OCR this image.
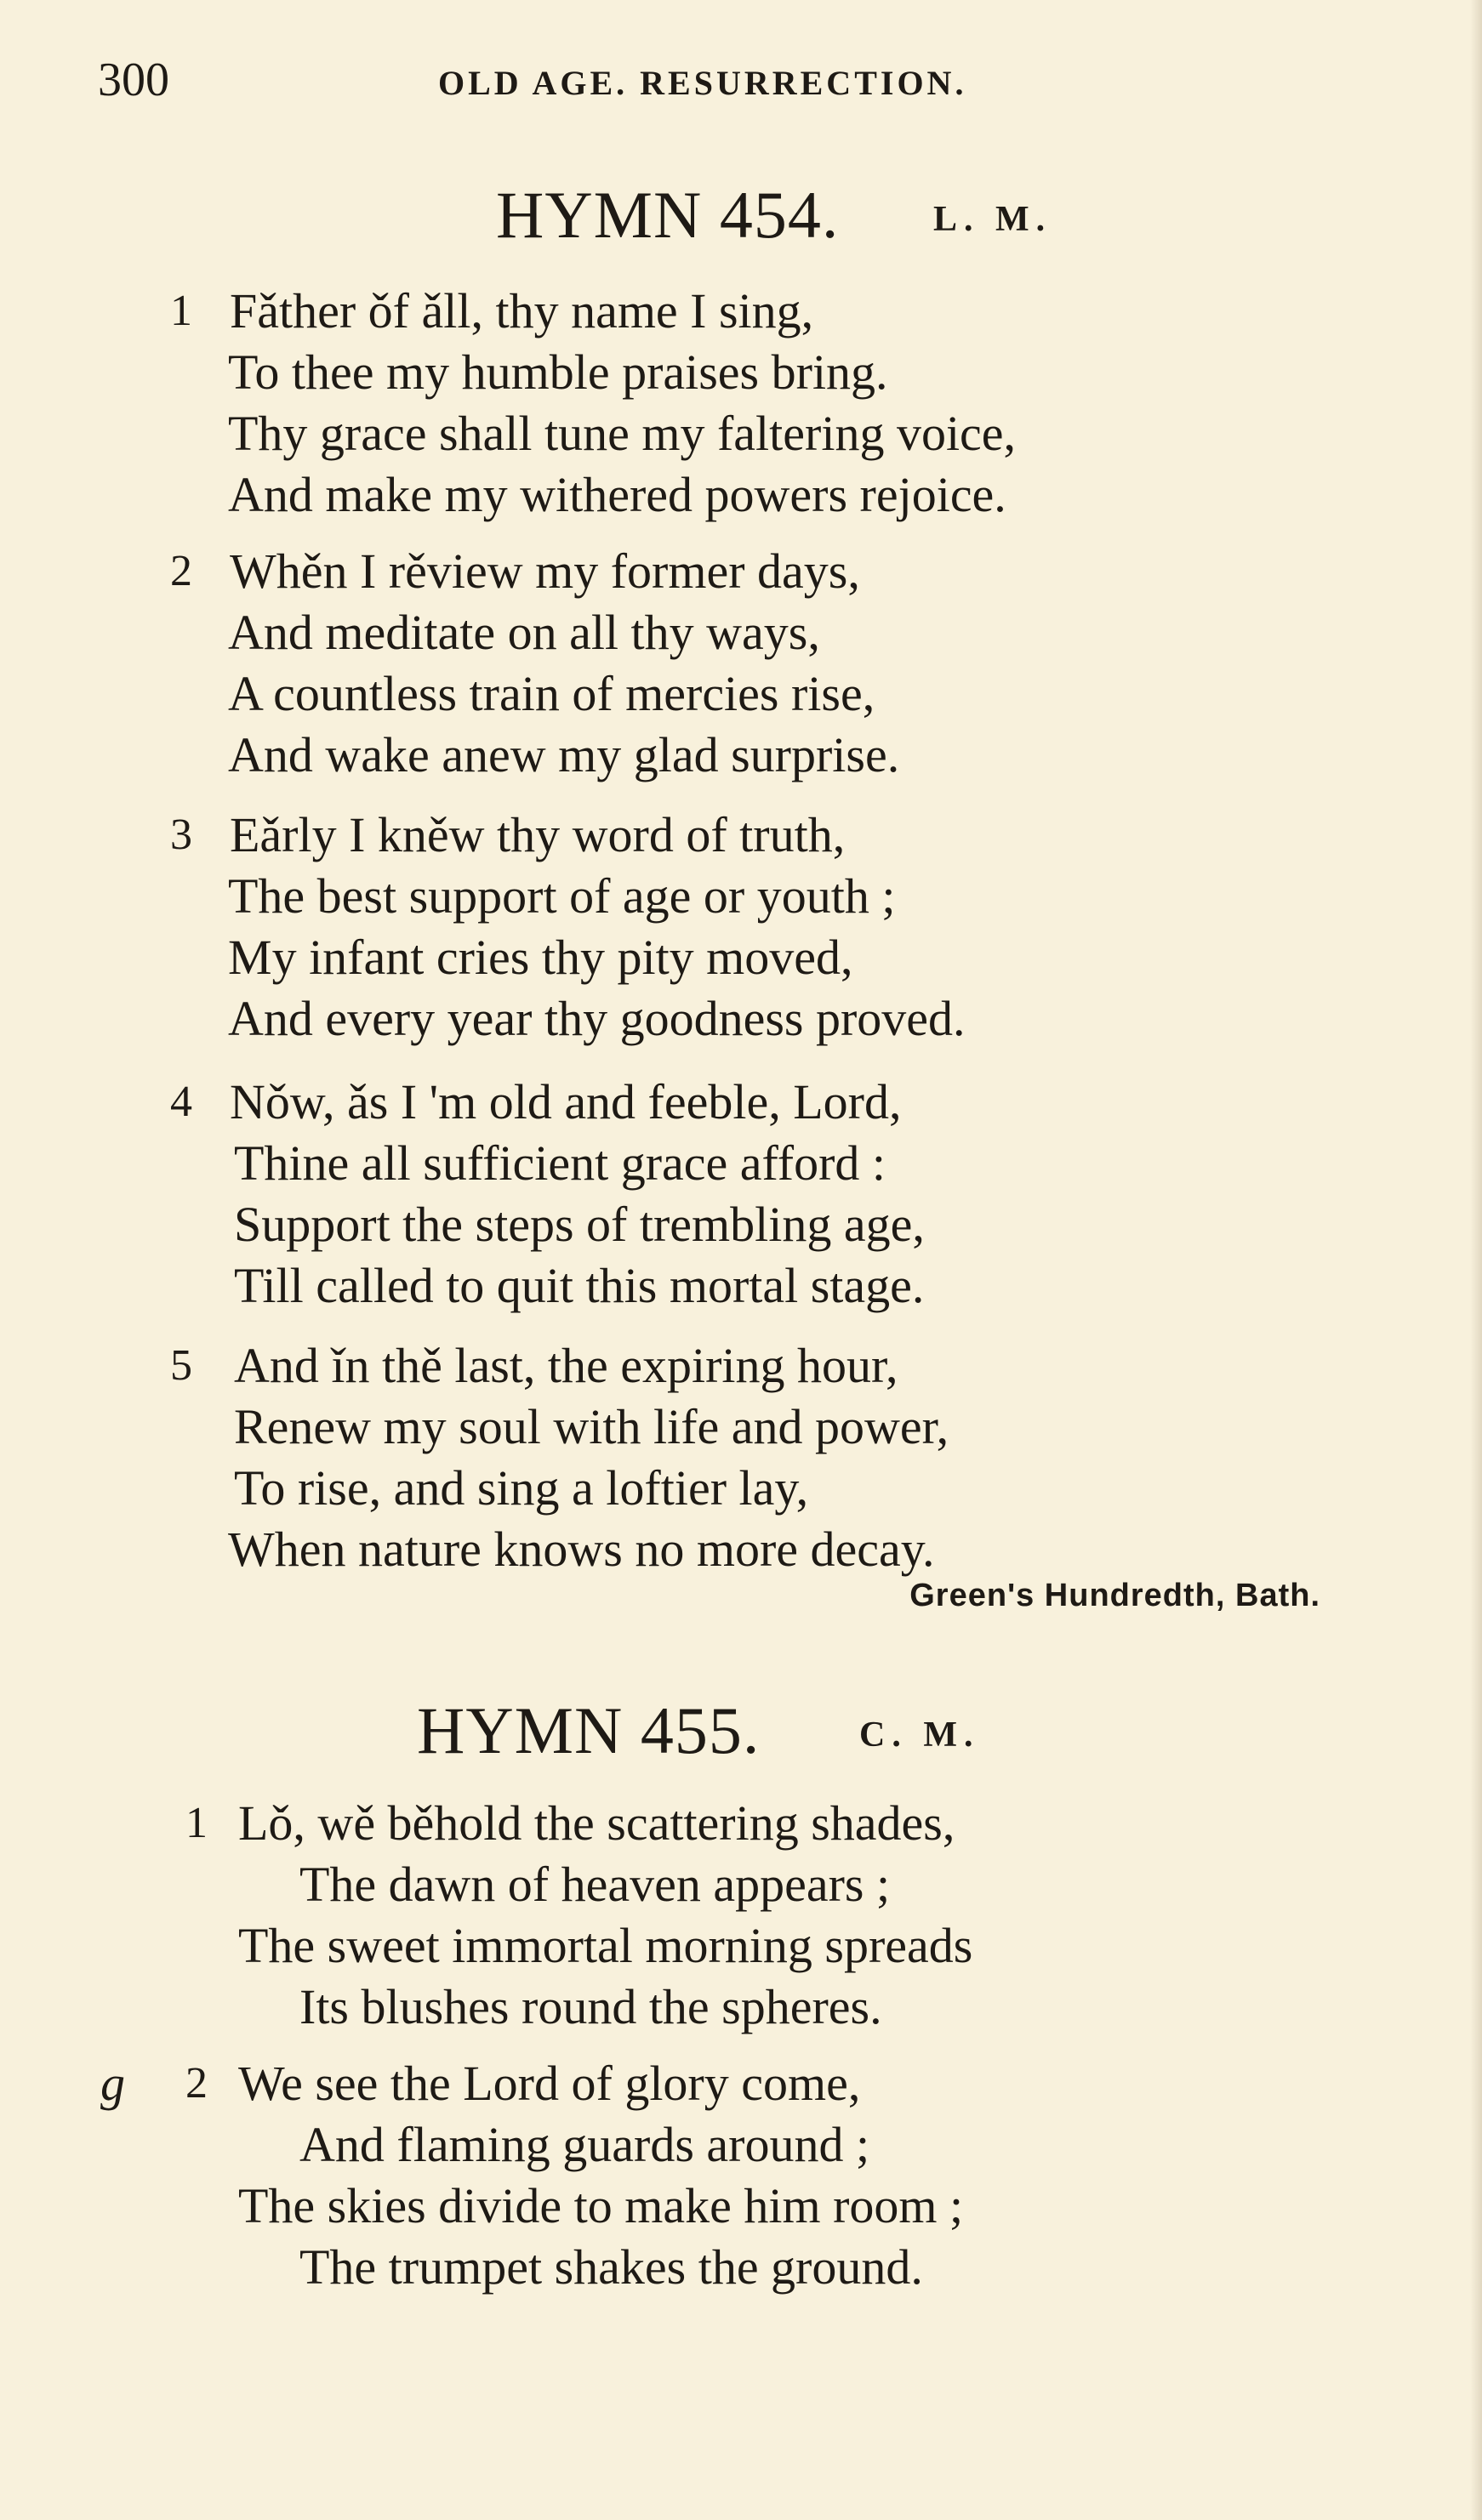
300	OLD AGE. RESURRECTION.
HYMN 454.	L. M.
1 Fǎther ǒf ǎll, thy name I sing,
To thee my humble praises bring.
Thy grace shall tune my faltering voice,
And make my withered powers rejoice.
2 Whěn I rěview my former days,
And meditate on all thy ways,
A countless train of mercies rise,
And wake anew my glad surprise.
3 Eǎrly I kněw thy word of truth,
The best support of age or youth ;
My infant cries thy pity moved,
And every year thy goodness proved.
4 Nǒw, ǎs I 'm old and feeble, Lord,
Thine all sufficient grace afford :
Support the steps of trembling age,
Till called to quit this mortal stage.
5 And ǐn thě last, the expiring hour,
Renew my soul with life and power,
To rise, and sing a loftier lay,
When nature knows no more decay.
Green's Hundredth, Bath.
HYMN 455.	C. M.
1 Lǒ, wě běhold the scattering shades,
The dawn of heaven appears ;
The sweet immortal morning spreads
Its blushes round the spheres.
g 2 We see the Lord of glory come,
And flaming guards around ;
The skies divide to make him room ;
The trumpet shakes the ground.
